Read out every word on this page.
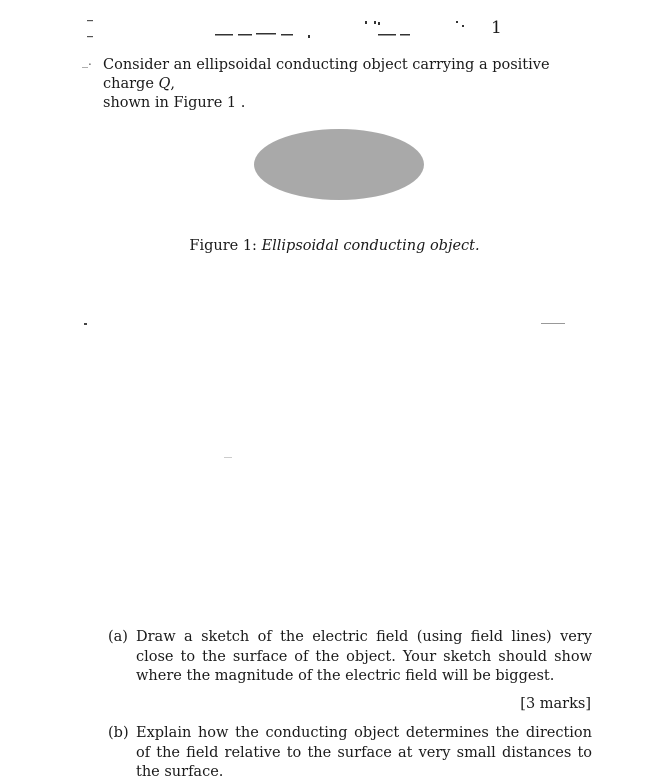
1
_. Consider an ellipsoidal conducting object carrying a positive charge Q,
shown in Figure 1 .
Figure 1: Ellipsoidal conducting object.
(a) Draw a sketch of the electric field (using field lines) very close to the surface of the object. Your sketch should show where the magnitude of the electric field will be biggest.
[3 marks]
(b) Explain how the conducting object determines the direction of the field relative to the surface at very small distances to the surface.
